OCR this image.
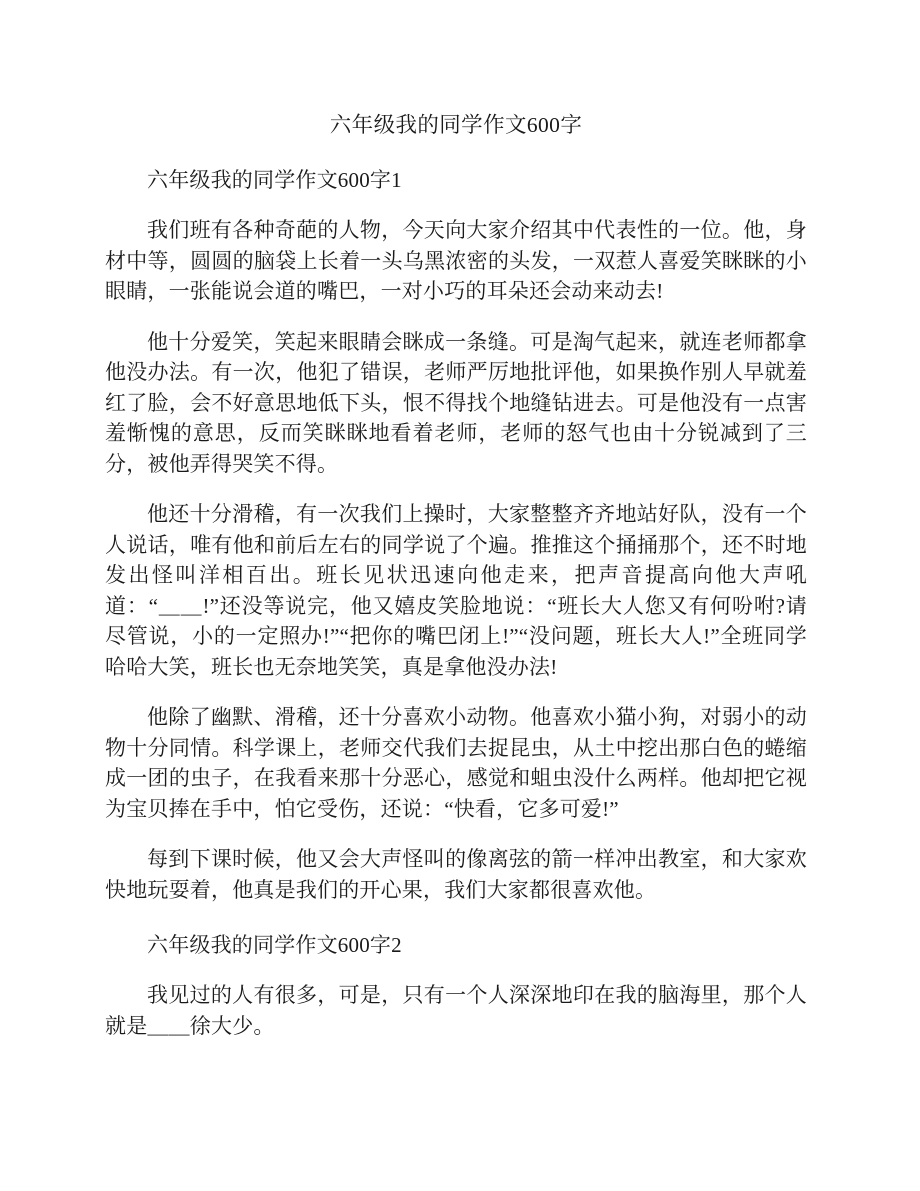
六年级我的同学作文600字
六年级我的同学作文600字1

我们班有各种奇葩的人物，今天向大家介绍其中代表性的一位。他，身材中等，圆圆的脑袋上长着一头乌黑浓密的头发，一双惹人喜爱笑眯眯的小眼睛，一张能说会道的嘴巴，一对小巧的耳朵还会动来动去!

他十分爱笑，笑起来眼睛会眯成一条缝。可是淘气起来，就连老师都拿他没办法。有一次，他犯了错误，老师严厉地批评他，如果换作别人早就羞红了脸，会不好意思地低下头，恨不得找个地缝钻进去。可是他没有一点害羞惭愧的意思，反而笑眯眯地看着老师，老师的怒气也由十分锐减到了三分，被他弄得哭笑不得。

他还十分滑稽，有一次我们上操时，大家整整齐齐地站好队，没有一个人说话，唯有他和前后左右的同学说了个遍。推推这个捅捅那个，还不时地发出怪叫洋相百出。班长见状迅速向他走来，把声音提高向他大声吼道：“＿＿!”还没等说完，他又嬉皮笑脸地说：“班长大人您又有何吩咐?请尽管说，小的一定照办!”“把你的嘴巴闭上!”“没问题，班长大人!”全班同学哈哈大笑，班长也无奈地笑笑，真是拿他没办法!

他除了幽默、滑稽，还十分喜欢小动物。他喜欢小猫小狗，对弱小的动物十分同情。科学课上，老师交代我们去捉昆虫，从土中挖出那白色的蜷缩成一团的虫子，在我看来那十分恶心，感觉和蛆虫没什么两样。他却把它视为宝贝捧在手中，怕它受伤，还说：“快看，它多可爱!”

每到下课时候，他又会大声怪叫的像离弦的箭一样冲出教室，和大家欢快地玩耍着，他真是我们的开心果，我们大家都很喜欢他。

六年级我的同学作文600字2

我见过的人有很多，可是，只有一个人深深地印在我的脑海里，那个人就是＿＿徐大少。
